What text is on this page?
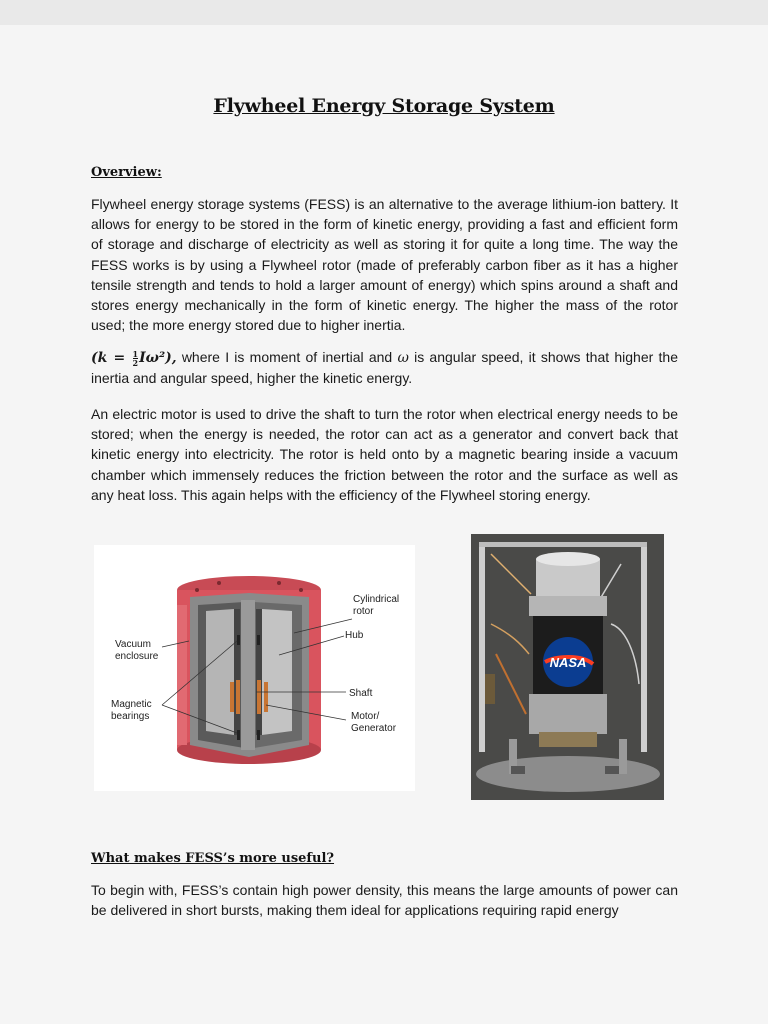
Flywheel Energy Storage System
Overview:

Flywheel energy storage systems (FESS) is an alternative to the average lithium-ion battery. It allows for energy to be stored in the form of kinetic energy, providing a fast and efficient form of storage and discharge of electricity as well as storing it for quite a long time. The way the FESS works is by using a Flywheel rotor (made of preferably carbon fiber as it has a higher tensile strength and tends to hold a larger amount of energy) which spins around a shaft and stores energy mechanically in the form of kinetic energy. The higher the mass of the rotor used; the more energy stored due to higher inertia.

$(k = \frac{1}{2} I\omega^2)$, where I is moment of inertial and ω is angular speed, it shows that higher the inertia and angular speed, higher the kinetic energy.

An electric motor is used to drive the shaft to turn the rotor when electrical energy needs to be stored; when the energy is needed, the rotor can act as a generator and convert back that kinetic energy into electricity. The rotor is held onto by a magnetic bearing inside a vacuum chamber which immensely reduces the friction between the rotor and the surface as well as any heat loss. This again helps with the efficiency of the Flywheel storing energy.

Cylindrical
rotor
Hub
Vacuum
enclosure
Shaft
Magnetic
bearings	Motor/
Generator
NASA
What makes FESS’s more useful?

To begin with, FESS’s contain high power density, this means the large amounts of power can be delivered in short bursts, making them ideal for applications requiring rapid energy
